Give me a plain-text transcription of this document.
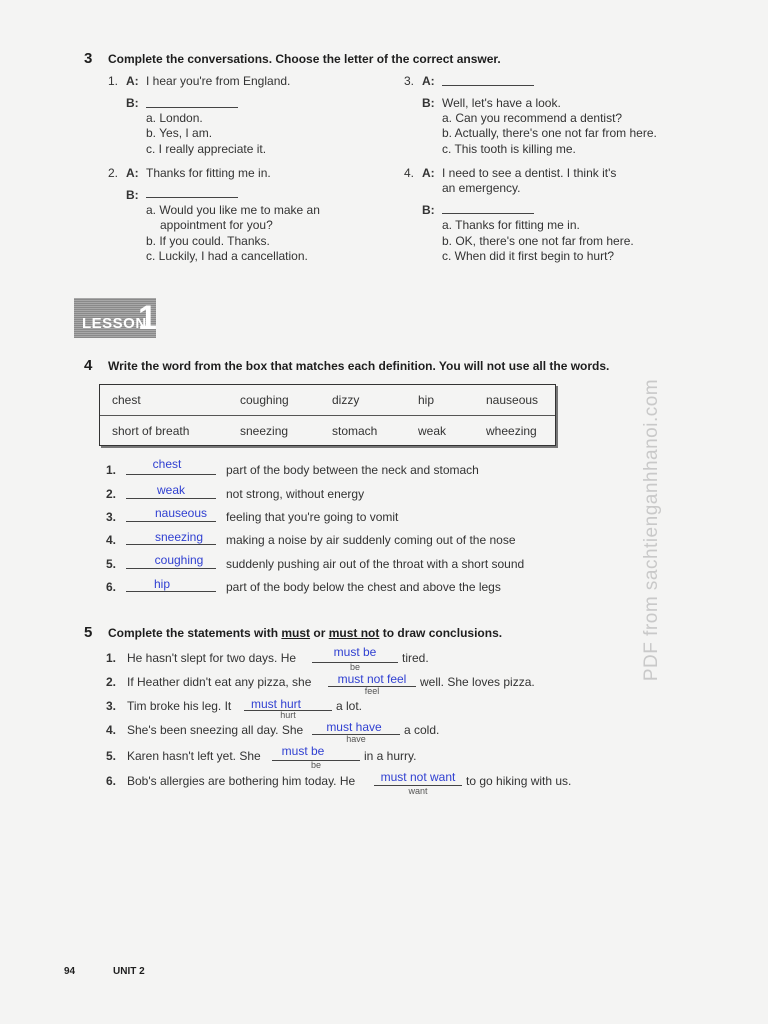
3 Complete the conversations. Choose the letter of the correct answer.
1. A: I hear you're from England.
B:
a. London.
b. Yes, I am.
c. I really appreciate it.
2. A: Thanks for fitting me in.
B:
a. Would you like me to make an
appointment for you?
b. If you could. Thanks.
c. Luckily, I had a cancellation.
3. A:
B: Well, let's have a look.
a. Can you recommend a dentist?
b. Actually, there's one not far from here.
c. This tooth is killing me.
4. A: I need to see a dentist. I think it's
an emergency.
B:
a. Thanks for fitting me in.
b. OK, there's one not far from here.
c. When did it first begin to hurt?
LESSON
1
4 Write the word from the box that matches each definition. You will not use all the words.
chest	coughing	dizzy	hip	nauseous
short of breath	sneezing	stomach	weak	wheezing
1.	chest	part of the body between the neck and stomach
2.	weak	not strong, without energy
3.	nauseous	feeling that you're going to vomit
4.	sneezing	making a noise by air suddenly coming out of the nose
5.	coughing	suddenly pushing air out of the throat with a short sound
6.	hip	part of the body below the chest and above the legs
5 Complete the statements with must or must not to draw conclusions.
1. He hasn't slept for two days. He	must be
be
tired.
2. If Heather didn't eat any pizza, she	must not feel
feel
well. She loves pizza.
3. Tim broke his leg. It	must hurt
hurt
a lot.
4. She's been sneezing all day. She	must have
have
a cold.
5. Karen hasn't left yet. She	must be
be
in a hurry.
6. Bob's allergies are bothering him today. He	must not want
want
to go hiking with us.
PDF from sachtienganhhanoi.com
94	UNIT 2
